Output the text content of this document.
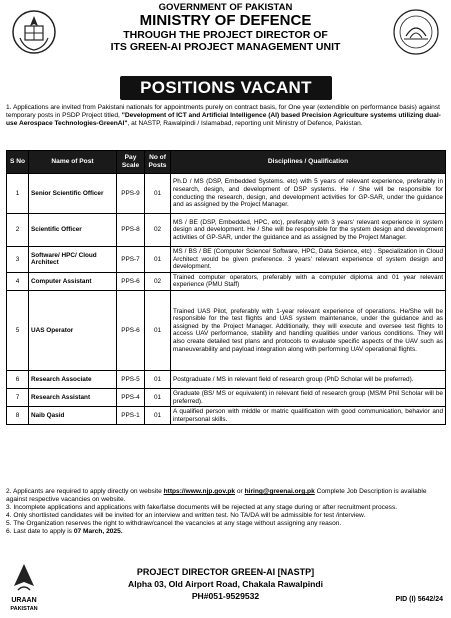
GOVERNMENT OF PAKISTAN
MINISTRY OF DEFENCE
THROUGH THE PROJECT DIRECTOR OF
ITS GREEN-AI PROJECT MANAGEMENT UNIT
POSITIONS VACANT
1. Applications are invited from Pakistani nationals for appointments purely on contract basis, for One year (extendible on performance basis) against temporary posts in PSDP Project titled, "Development of ICT and Artificial Intelligence (AI) based Precision Agriculture systems utilizing dual-use Aerospace Technologies-GreenAI", at NASTP, Rawalpindi / Islamabad, reporting unit Ministry of Defence, Pakistan.
S No	Name of Post	Pay Scale	No of Posts	Disciplines / Qualification
1	Senior Scientific Officer	PPS-9	01	Ph.D / MS (DSP, Embedded Systems. etc) with 5 years of relevant experience, preferably in research, design, and development of DSP systems. He / She will be responsible for conducting the research, design, and development activities for GP-SAR, under the guidance and as assigned by the Project Manager.
2	Scientific Officer	PPS-8	02	MS / BE (DSP, Embedded, HPC, etc), preferably with 3 years' relevant experience in system design and development. He / She will be responsible for the system design and development activities of GP-SAR, under the guidance and as assigned by the Project Manager.
3	Software/ HPC/ Cloud Architect	PPS-7	01	MS / BS / BE (Computer Science/ Software, HPC, Data Science, etc) . Specialization in Cloud Architect would be given preference. 3 years' relevant experience of system design and development.
4	Computer Assistant	PPS-6	02	Trained computer operators, preferably with a computer diploma and 01 year relevant experience (PMU Staff)
5	UAS Operator	PPS-6	01	Trained UAS Pilot, preferably with 1-year relevant experience of operations. He/She will be responsible for the test flights and UAS system maintenance, under the guidance and as assigned by the Project Manager. Additionally, they will execute and oversee test flights to access UAV performance, stability and handling qualities under various conditions. They will also create detailed test plans and protocols to evaluate specific aspects of the UAV such as maneuverability and payload integration along with performing UAV operational flights.
6	Research Associate	PPS-5	01	Postgraduate / MS in relevant field of research group (PhD Scholar will be preferred).
7	Research Assistant	PPS-4	01	Graduate (BS/ MS or equivalent) in relevant field of research group (MS/M Phil Scholar will be preferred).
8	Naib Qasid	PPS-1	01	A qualified person with middle or matric qualification with good communication, behavior and interpersonal skills.
2. Applicants are required to apply directly on website https://www.njp.gov.pk or hiring@greenai.org.pk Complete Job Description is available against respective vacancies on website.
3. Incomplete applications and applications with fake/false documents will be rejected at any stage during or after recruitment process.
4. Only shortlisted candidates will be invited for an interview and written test. No TA/DA will be admissible for test /interview.
5. The Organization reserves the right to withdraw/cancel the vacancies at any stage without assigning any reason.
6. Last date to apply is 07 March, 2025.
URAAN
PAKISTAN
PROJECT DIRECTOR GREEN-AI [NASTP]
Alpha 03, Old Airport Road, Chakala Rawalpindi
PH#051-9529532	PID (I) 5642/24
